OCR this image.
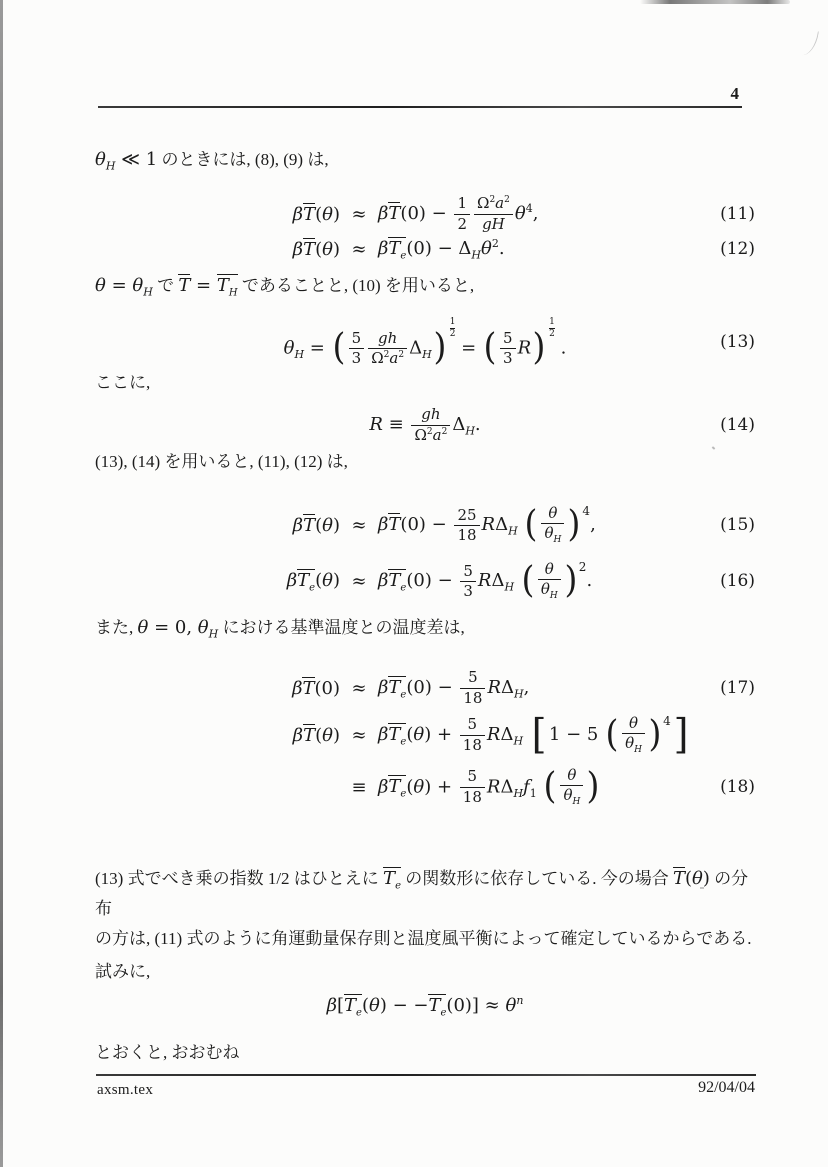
4
$\theta_H$ ≪ 1 のときには, (8), (9) は,
$\beta T(\theta) \approx \beta T(0) - \frac{1}{2} \frac{\Omega^2a^2}{gH} \theta^4$,	(11)
$\beta T(\theta) \approx \beta T_e(0) - \Delta_H\theta^2$.	(12)
$\theta = \theta_H$ で $T = T_H$ であることと, (10) を用いると,
$\theta_H$ = ( $\frac{5}{3} \frac{gh}{\Omega^2a^2} \Delta_H) \frac{1}{2}$
= ( $\frac{5}{3} R) \frac{1}{2}$
.	(13)
ここに,
$R \equiv \frac{gh}{\Omega^2a^2} \Delta_H$.	(14)
(13), (14) を用いると, (11), (12) は,
$\beta T(\theta) \approx \beta T(0) - \frac{25}{18} R\Delta_H$ ( $\frac{\theta}{\theta_H}$ ) $^4$,	(15)
$\beta T_e(\theta) \approx \beta T_e(0) - \frac{5}{3} R\Delta_H$ ( $\frac{\theta}{\theta_H}$ ) $^2$.	(16)
また, θ = 0, $\theta_H$ における基準温度との温度差は,
$\beta T(0) \approx \beta T_e(0) - \frac{5}{18} R\Delta_H$,	(17)
$\beta T(\theta) \approx \beta T_e(\theta) + \frac{5}{18} R\Delta_H$ [ 1 − 5 ( $\frac{\theta}{\theta_H}$ ) $^4$]
≡ $\beta T_e(\theta) + \frac{5}{18} R\Delta_Hf_1$ ( $\frac{\theta}{\theta_H}$ )	(18)
(13) 式でべき乗の指数 1/2 はひとえに $T_e$ の関数形に依存している. 今の場合 T(θ) の分布
の方は, (11) 式のように角運動量保存則と温度風平衡によって確定しているからである.
試みに,
$\beta[T_e(\theta) - -T_e(0)] \approx \theta^n$
とおくと, おおむね
axsm.tex	92/04/04
